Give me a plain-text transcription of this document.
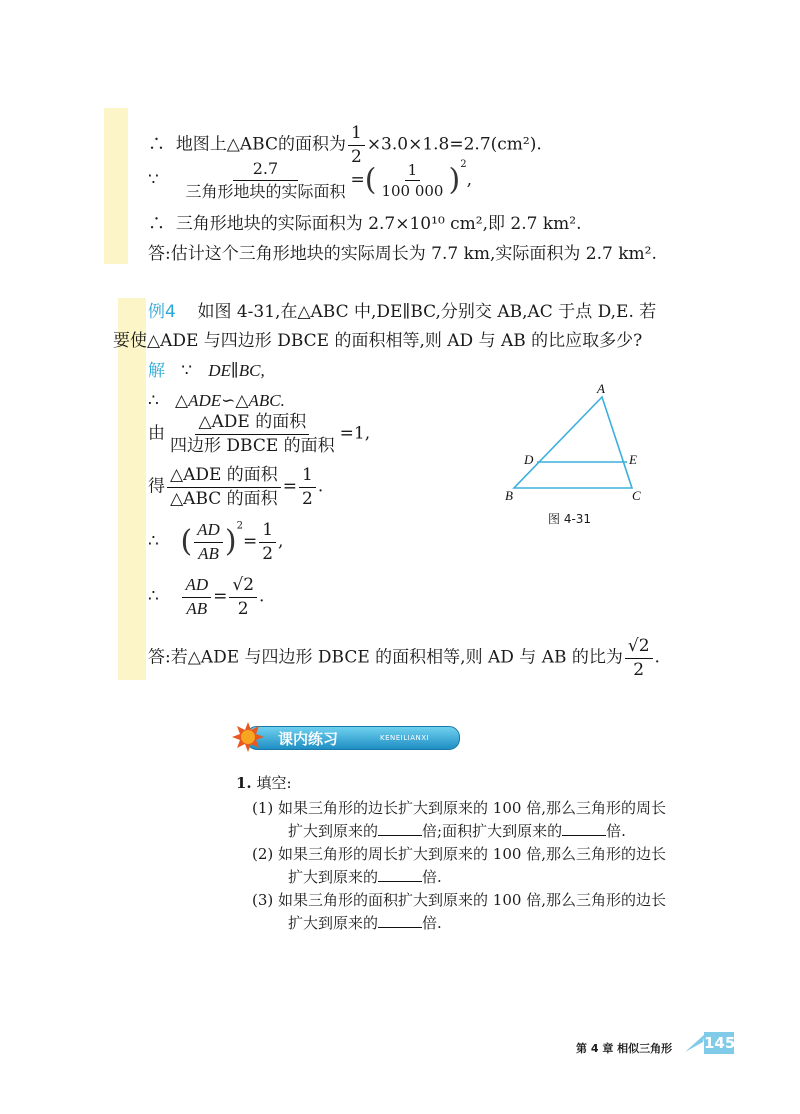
∴ 地图上△ABC的面积为 $\frac{1}{2} \times 3.0\times 1.8=2.7(cm^2)$.
∵ $\frac{2.7}{\text{三角形地块的实际面积}}$ =( $\frac{1}{100 000} )^2$,
∴ 三角形地块的实际面积为 2.7×10¹⁰ cm²,即 2.7 km².
答:估计这个三角形地块的实际周长为 7.7 km,实际面积为 2.7 km².
例4 如图 4-31,在△ABC 中,DE∥BC,分别交 AB,AC 于点 D,E. 若
要使△ADE 与四边形 DBCE 的面积相等,则 AD 与 AB 的比应取多少?
解 ∵ DE∥BC,
∴ △ADE∽△ABC.
由 $\frac{\text{△ADE 的面积}}{\text{四边形 DBCE 的面积}} =1$,
得 $\frac{\text{△ADE 的面积}}{\text{△ABC 的面积}} = \frac{1}{2}$ .
∴ ( $\frac{AD}{AB} )^2= \frac{1}{2}$ ,
∴ $\frac{AD}{AB} = \frac{√2}{2}$ .
答:若△ADE 与四边形 DBCE 的面积相等,则 AD 与 AB 的比为 $\frac{√2}{2}$ .
A
D	E
B	C
图 4-31
课内练习	KENEILIANXI
1. 填空:
(1) 如果三角形的边长扩大到原来的 100 倍,那么三角形的周长
扩大到原来的	倍;面积扩大到原来的	倍.
(2) 如果三角形的周长扩大到原来的 100 倍,那么三角形的边长
扩大到原来的	倍.
(3) 如果三角形的面积扩大到原来的 100 倍,那么三角形的边长
扩大到原来的	倍.
第 4 章 相似三角形 145
